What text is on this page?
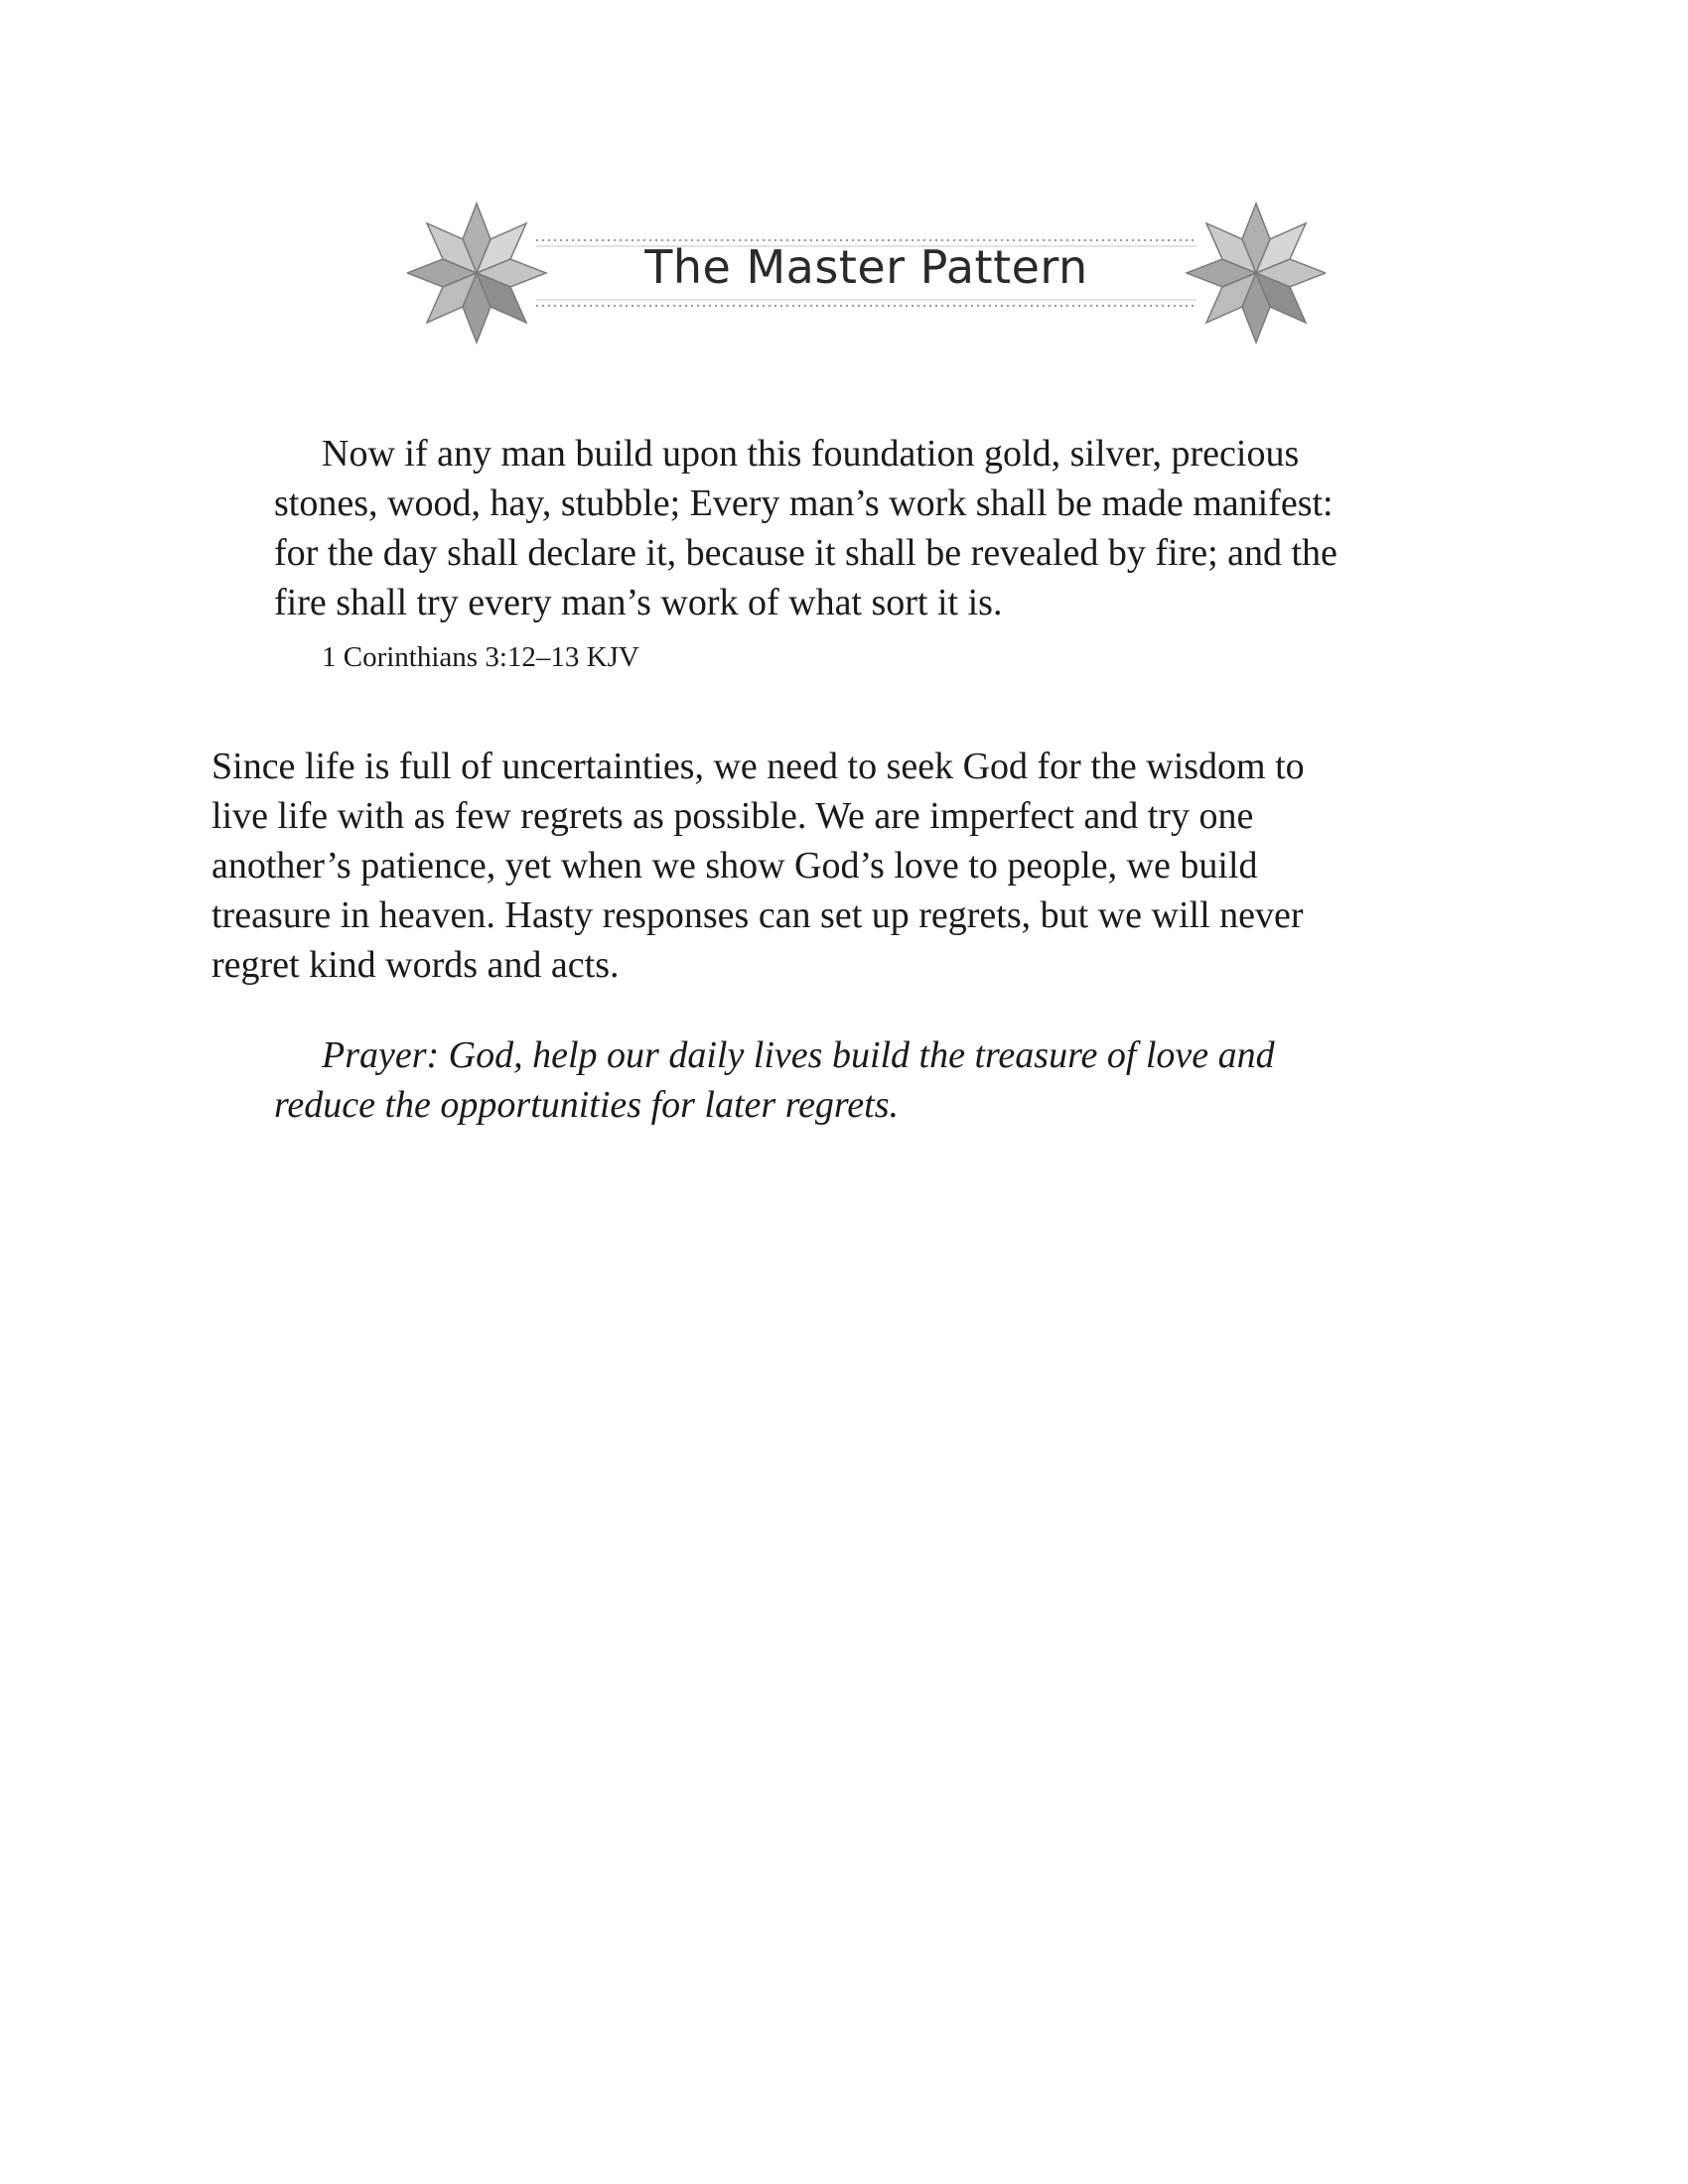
The Master Pattern

Now if any man build upon this foundation gold, silver, precious
stones, wood, hay, stubble; Every man’s work shall be made manifest:
for the day shall declare it, because it shall be revealed by fire; and the
fire shall try every man’s work of what sort it is.

1 Corinthians 3:12–13 KJV

Since life is full of uncertainties, we need to seek God for the wisdom to
live life with as few regrets as possible. We are imperfect and try one
another’s patience, yet when we show God’s love to people, we build
treasure in heaven. Hasty responses can set up regrets, but we will never
regret kind words and acts.

Prayer: God, help our daily lives build the treasure of love and
reduce the opportunities for later regrets.
